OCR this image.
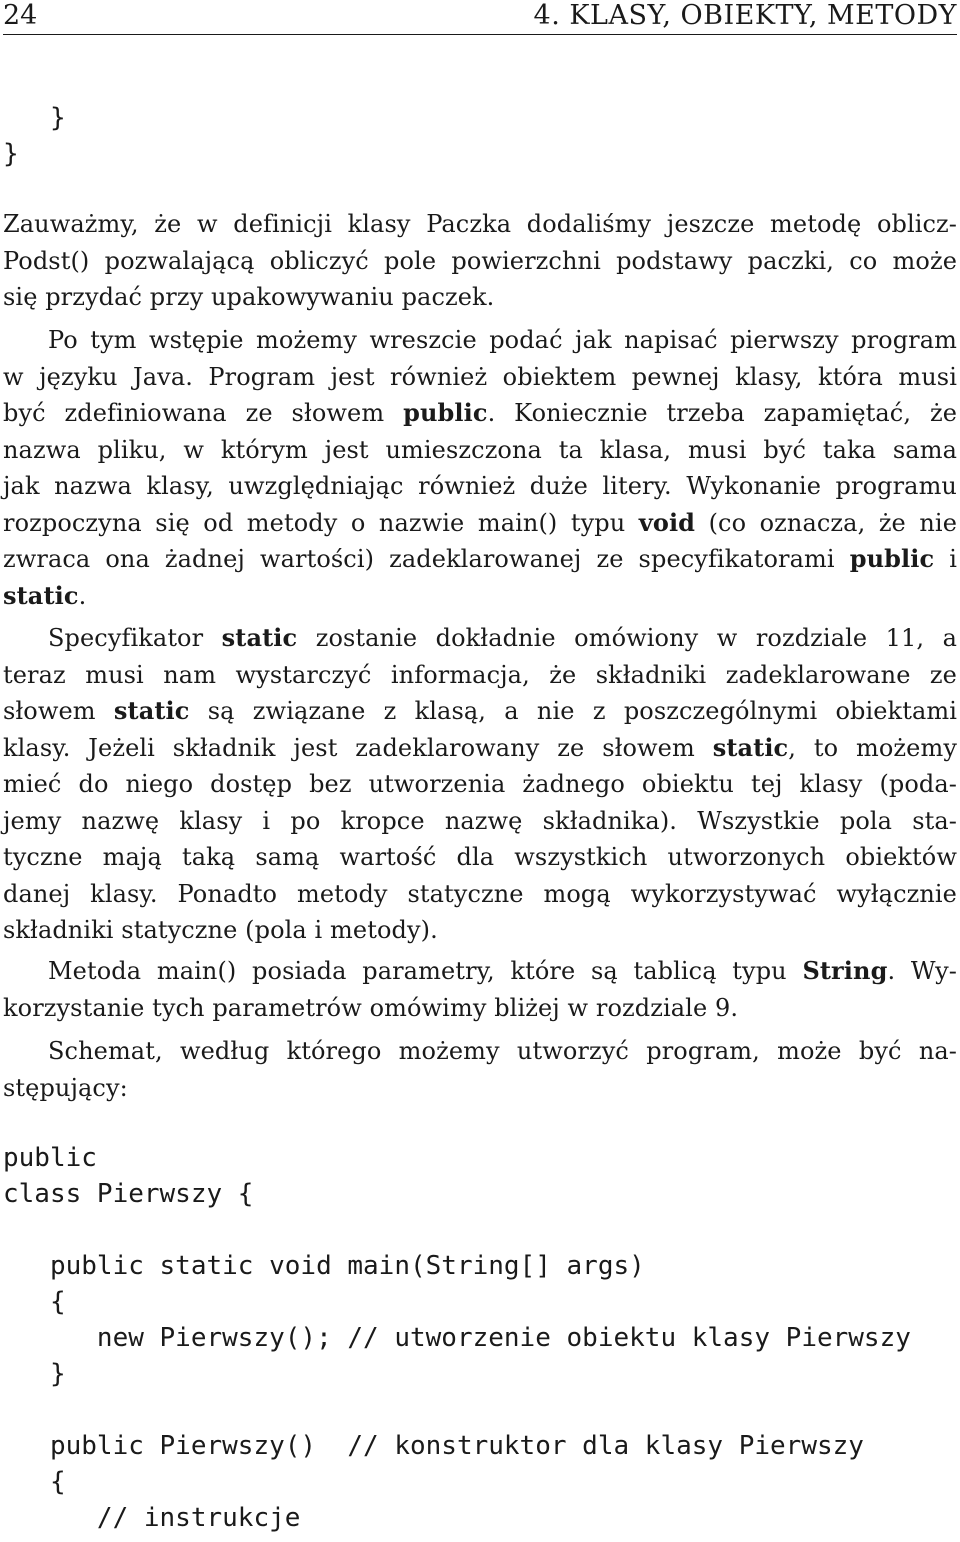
24	4. KLASY, OBIEKTY, METODY
}
}
Zauważmy, że w definicji klasy Paczka dodaliśmy jeszcze metodę oblicz-
Podst() pozwalającą obliczyć pole powierzchni podstawy paczki, co może
się przydać przy upakowywaniu paczek.
Po tym wstępie możemy wreszcie podać jak napisać pierwszy program
w języku Java. Program jest również obiektem pewnej klasy, która musi
być zdefiniowana ze słowem public. Koniecznie trzeba zapamiętać, że
nazwa pliku, w którym jest umieszczona ta klasa, musi być taka sama
jak nazwa klasy, uwzględniając również duże litery. Wykonanie programu
rozpoczyna się od metody o nazwie main() typu void (co oznacza, że nie
zwraca ona żadnej wartości) zadeklarowanej ze specyfikatorami public i
static.
Specyfikator static zostanie dokładnie omówiony w rozdziale 11, a
teraz musi nam wystarczyć informacja, że składniki zadeklarowane ze
słowem static są związane z klasą, a nie z poszczególnymi obiektami
klasy. Jeżeli składnik jest zadeklarowany ze słowem static, to możemy
mieć do niego dostęp bez utworzenia żadnego obiektu tej klasy (poda-
jemy nazwę klasy i po kropce nazwę składnika). Wszystkie pola sta-
tyczne mają taką samą wartość dla wszystkich utworzonych obiektów
danej klasy. Ponadto metody statyczne mogą wykorzystywać wyłącznie
składniki statyczne (pola i metody).
Metoda main() posiada parametry, które są tablicą typu String. Wy-
korzystanie tych parametrów omówimy bliżej w rozdziale 9.
Schemat, według którego możemy utworzyć program, może być na-
stępujący:
public
class Pierwszy {

public static void main(String[] args)
{
new Pierwszy(); // utworzenie obiektu klasy Pierwszy
}

public Pierwszy()  // konstruktor dla klasy Pierwszy
{
// instrukcje
